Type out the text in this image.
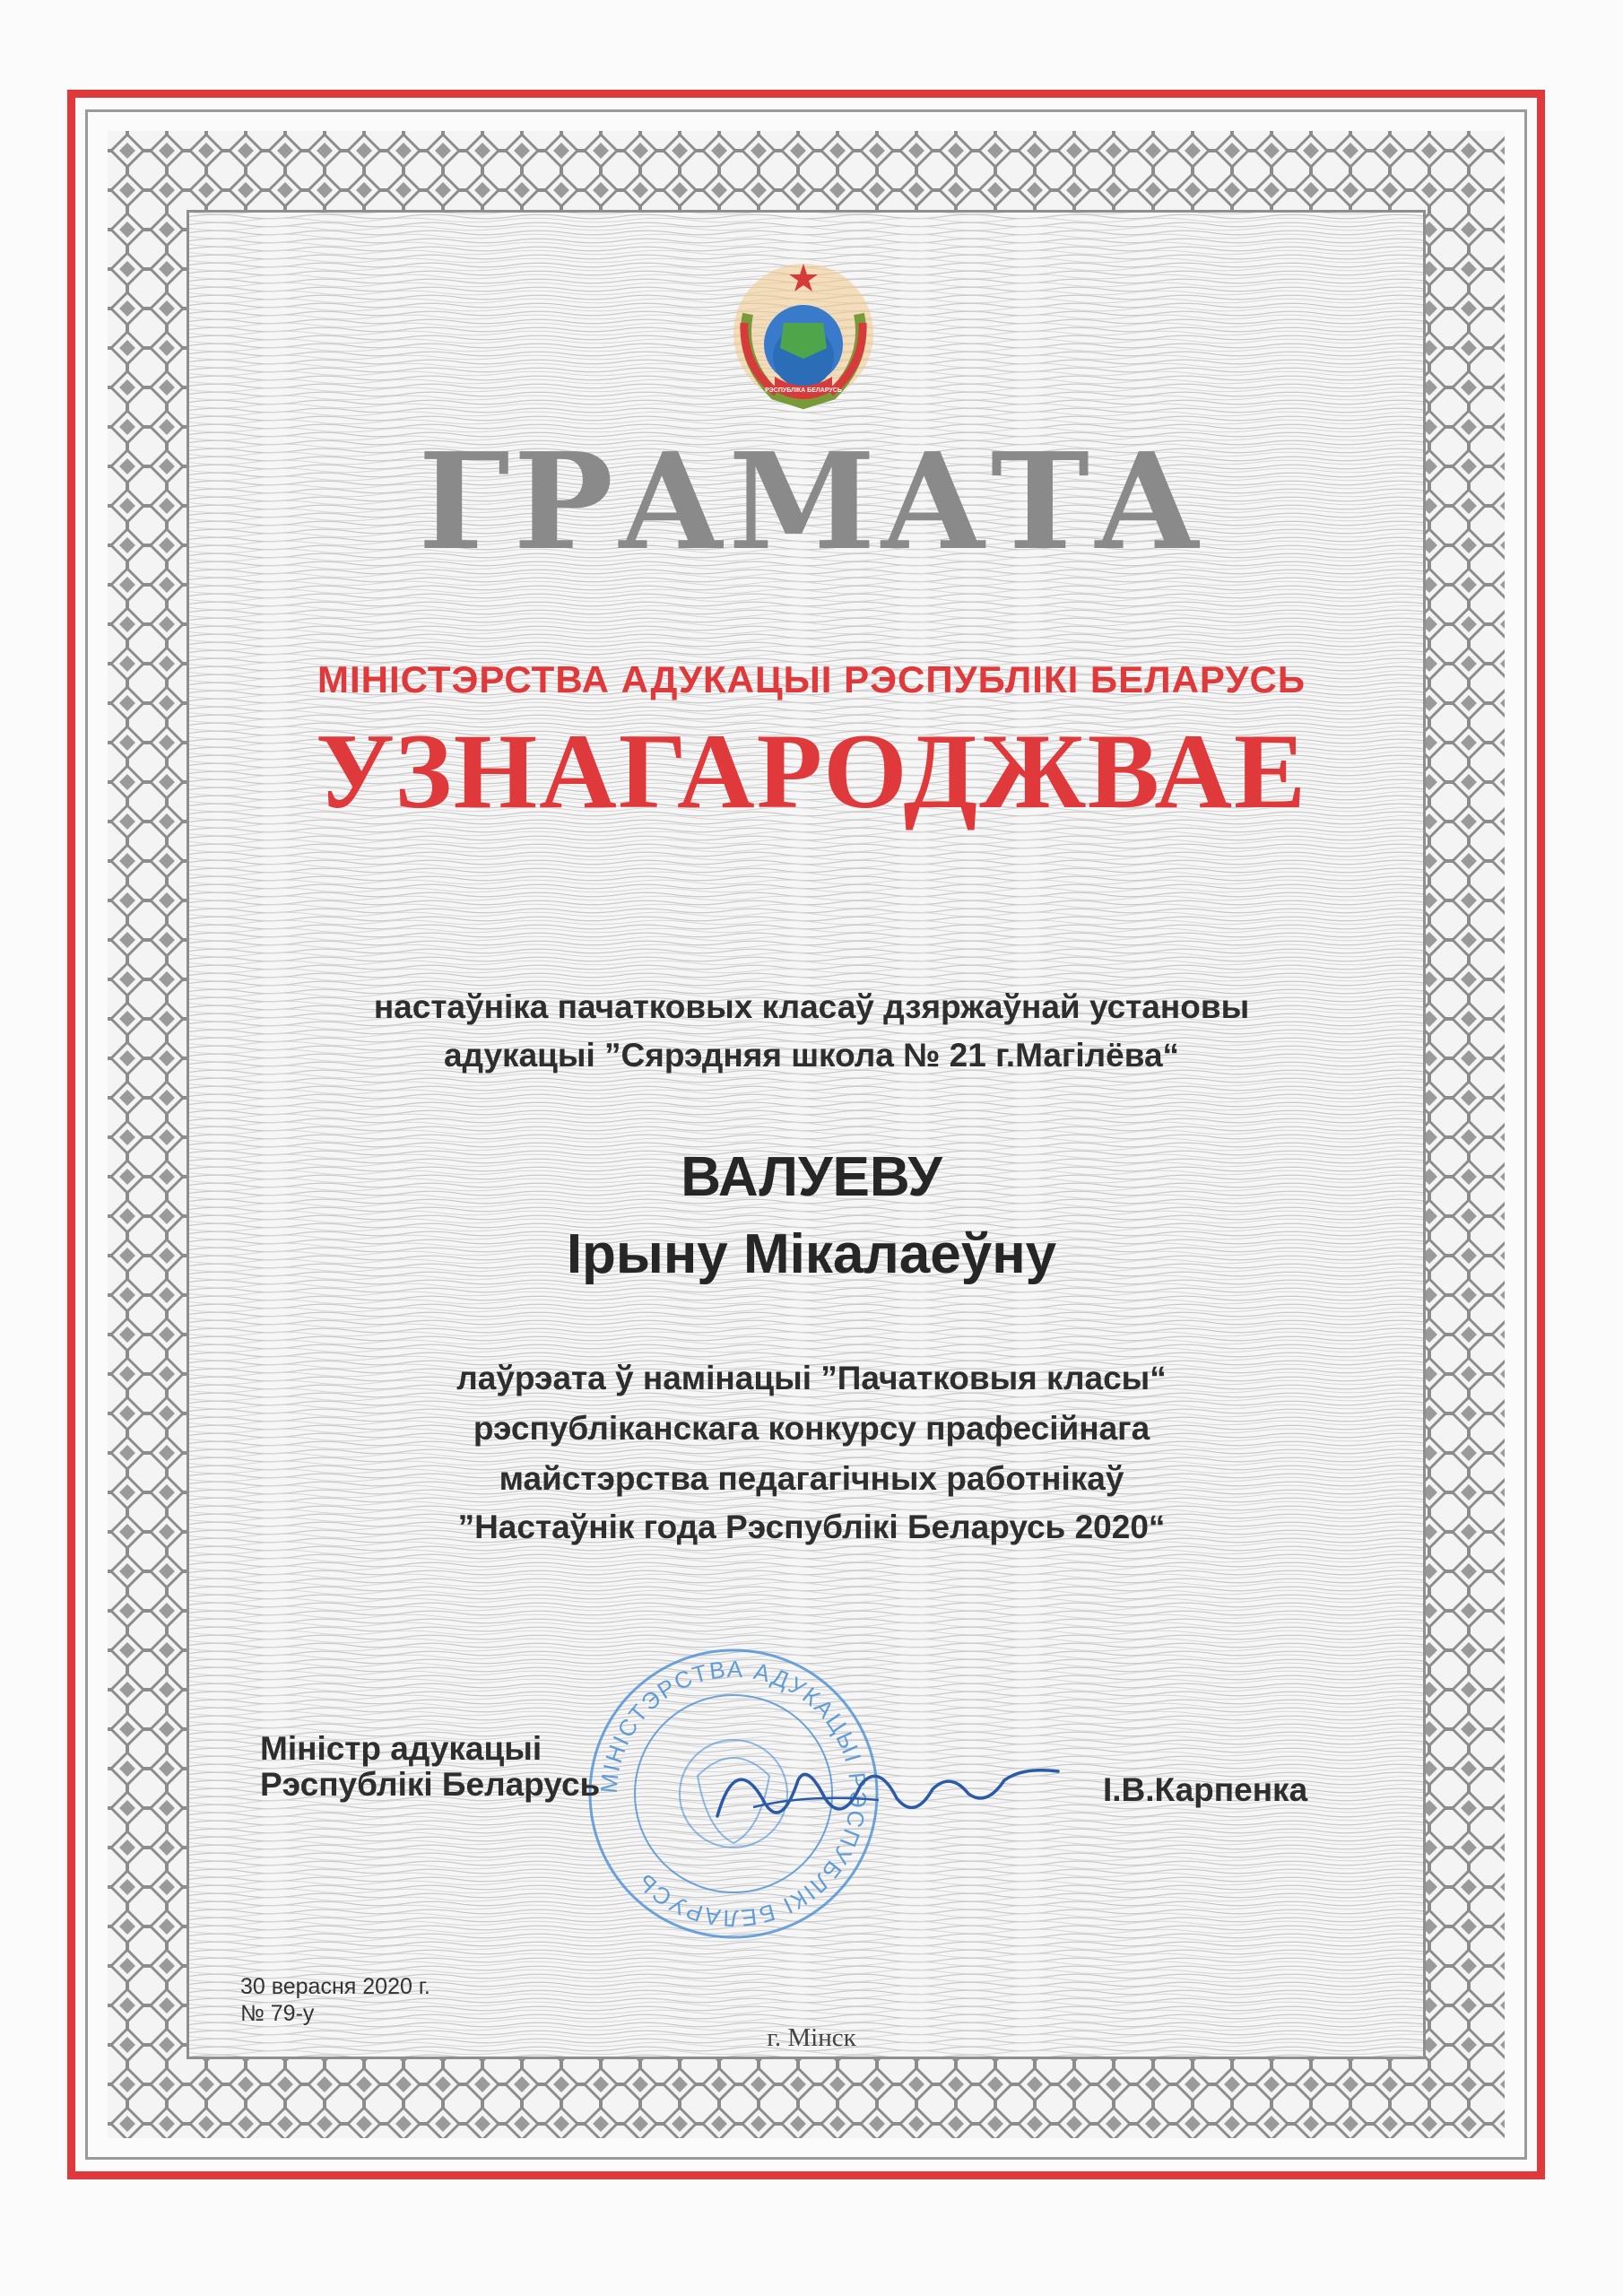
РЭСПУБЛІКА БЕЛАРУСЬ
ГРАМАТА
МІНІСТЭРСТВА АДУКАЦЫІ РЭСПУБЛІКІ БЕЛАРУСЬ
УЗНАГАРОДЖВАЕ
настаўніка пачатковых класаў дзяржаўнай установы
адукацыі ”Сярэдняя школа № 21 г.Магілёва“
ВАЛУЕВУ
Ірыну Мікалаеўну
лаўрэата ў намінацыі ”Пачатковыя класы“
рэспубліканскага конкурсу прафесійнага
майстэрства педагагічных работнікаў
”Настаўнік года Рэспублікі Беларусь 2020“
МІНІСТЭРСТВА АДУКАЦЫІ РЭСПУБЛІКІ БЕЛАРУСЬ
Міністр адукацыі
Рэспублікі Беларусь	І.В.Карпенка
30 верасня 2020 г.
№ 79-у
г. Мінск
